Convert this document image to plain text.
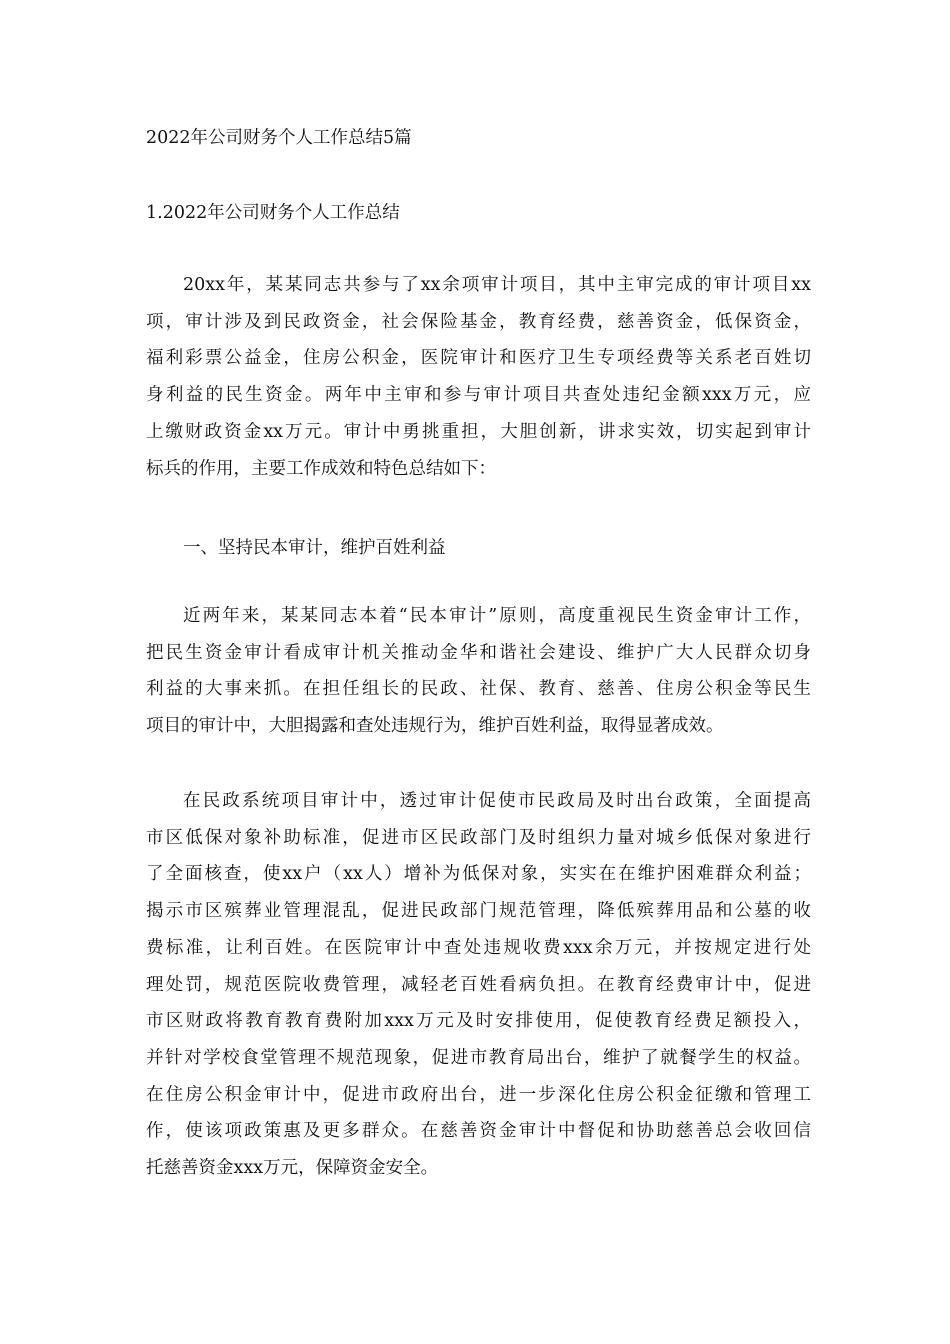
2022年公司财务个人工作总结5篇
1.2022年公司财务个人工作总结
20xx年，某某同志共参与了xx余项审计项目，其中主审完成的审计项目xx
项，审计涉及到民政资金，社会保险基金，教育经费，慈善资金，低保资金，
福利彩票公益金，住房公积金，医院审计和医疗卫生专项经费等关系老百姓切
身利益的民生资金。两年中主审和参与审计项目共查处违纪金额xxx万元，应
上缴财政资金xx万元。审计中勇挑重担，大胆创新，讲求实效，切实起到审计
标兵的作用，主要工作成效和特色总结如下：
一、坚持民本审计，维护百姓利益
近两年来，某某同志本着“民本审计”原则，高度重视民生资金审计工作，
把民生资金审计看成审计机关推动金华和谐社会建设、维护广大人民群众切身
利益的大事来抓。在担任组长的民政、社保、教育、慈善、住房公积金等民生
项目的审计中，大胆揭露和查处违规行为，维护百姓利益，取得显著成效。
在民政系统项目审计中，透过审计促使市民政局及时出台政策，全面提高
市区低保对象补助标准，促进市区民政部门及时组织力量对城乡低保对象进行
了全面核查，使xx户（xx人）增补为低保对象，实实在在维护困难群众利益；
揭示市区殡葬业管理混乱，促进民政部门规范管理，降低殡葬用品和公墓的收
费标准，让利百姓。在医院审计中查处违规收费xxx余万元，并按规定进行处
理处罚，规范医院收费管理，减轻老百姓看病负担。在教育经费审计中，促进
市区财政将教育教育费附加xxx万元及时安排使用，促使教育经费足额投入，
并针对学校食堂管理不规范现象，促进市教育局出台，维护了就餐学生的权益。
在住房公积金审计中，促进市政府出台，进一步深化住房公积金征缴和管理工
作，使该项政策惠及更多群众。在慈善资金审计中督促和协助慈善总会收回信
托慈善资金xxx万元，保障资金安全。
